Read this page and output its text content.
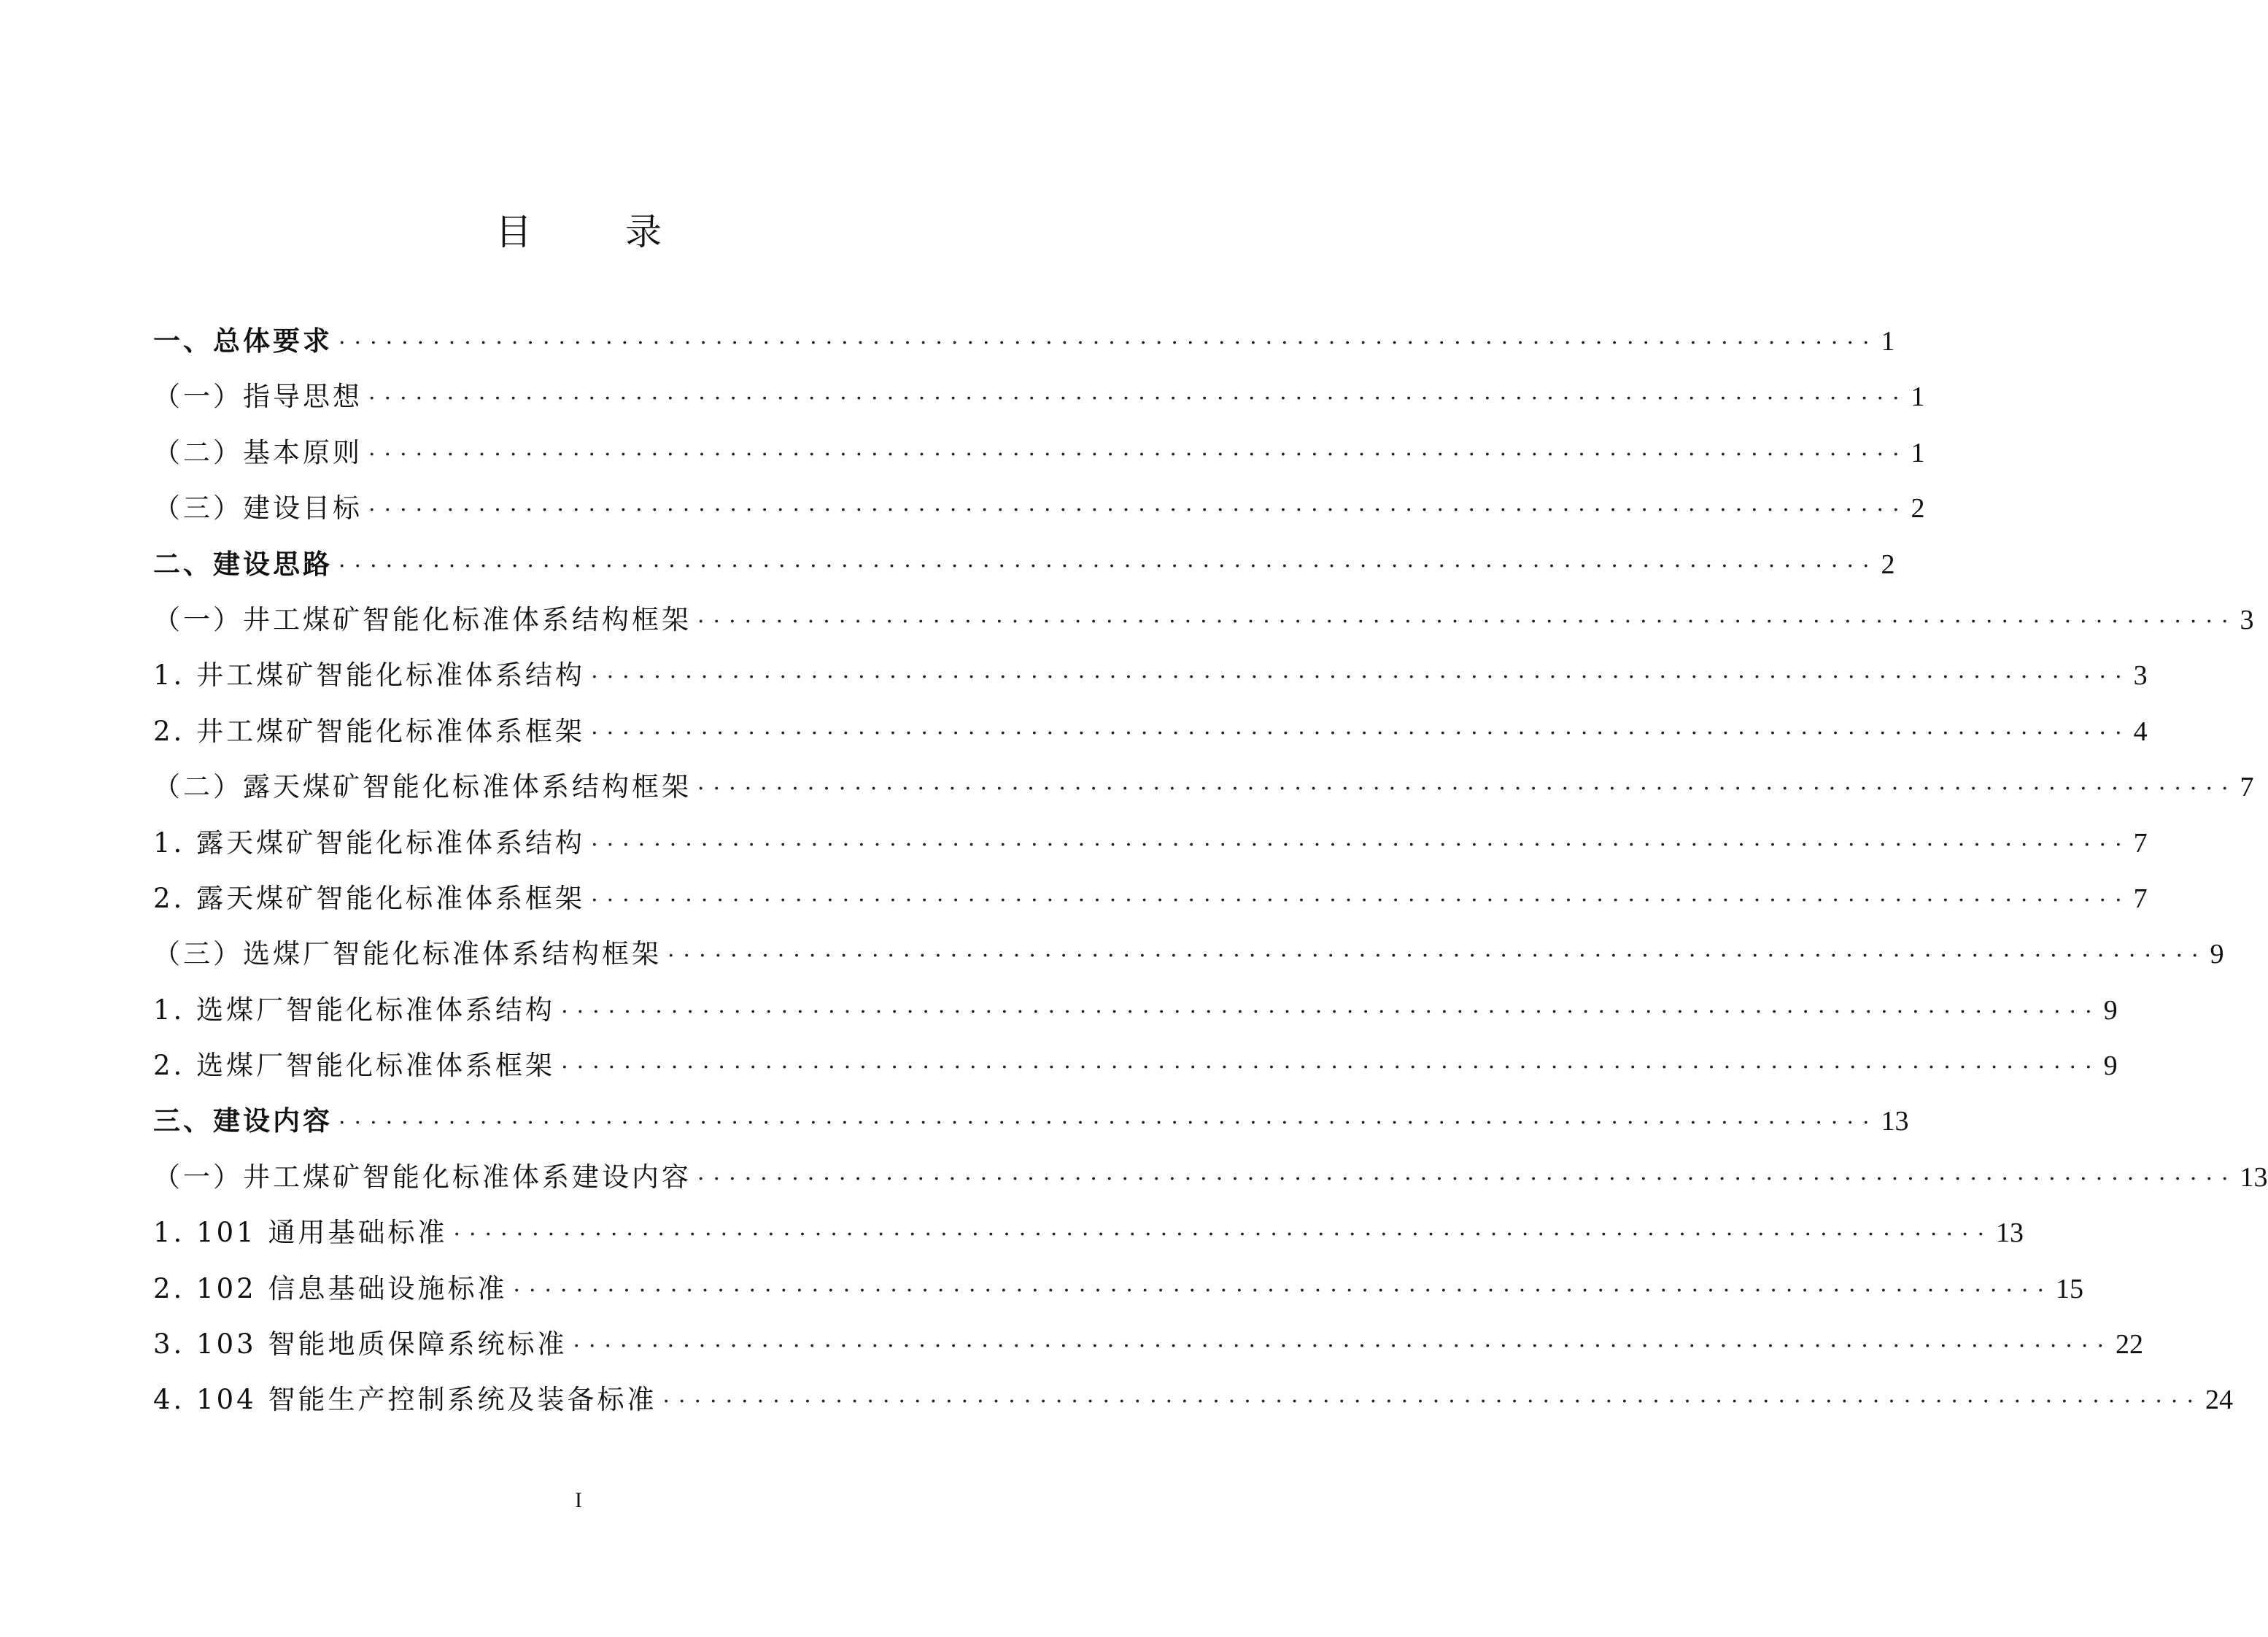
目 录
一、总体要求 ·································································································· 1
（一）指导思想 ·································································································· 1
（二）基本原则 ·································································································· 1
（三）建设目标 ·································································································· 2
二、建设思路 ·································································································· 2
（一）井工煤矿智能化标准体系结构框架 ·································································································· 3
1. 井工煤矿智能化标准体系结构 ·································································································· 3
2. 井工煤矿智能化标准体系框架 ·································································································· 4
（二）露天煤矿智能化标准体系结构框架 ·································································································· 7
1. 露天煤矿智能化标准体系结构 ·································································································· 7
2. 露天煤矿智能化标准体系框架 ·································································································· 7
（三）选煤厂智能化标准体系结构框架 ·································································································· 9
1. 选煤厂智能化标准体系结构 ·································································································· 9
2. 选煤厂智能化标准体系框架 ·································································································· 9
三、建设内容 ·································································································· 13
（一）井工煤矿智能化标准体系建设内容 ·································································································· 13
1. 101 通用基础标准 ·································································································· 13
2. 102 信息基础设施标准 ·································································································· 15
3. 103 智能地质保障系统标准 ·································································································· 22
4. 104 智能生产控制系统及装备标准 ·································································································· 24
I
